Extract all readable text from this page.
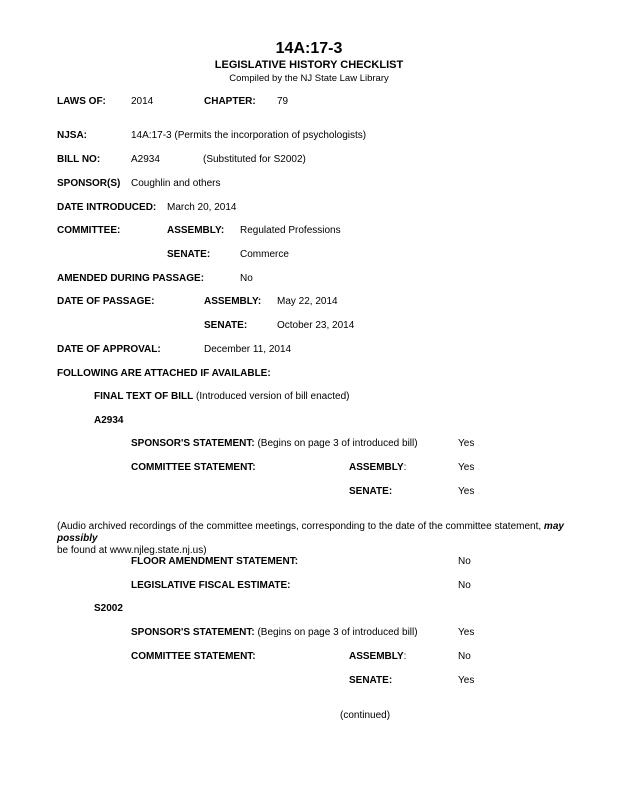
14A:17-3
LEGISLATIVE HISTORY CHECKLIST
Compiled by the NJ State Law Library
LAWS OF:	2014	CHAPTER: 79
NJSA:	14A:17-3 (Permits the incorporation of psychologists)
BILL NO:	A2934	(Substituted for S2002)
SPONSOR(S) Coughlin and others
DATE INTRODUCED: March 20, 2014
COMMITTEE:	ASSEMBLY: Regulated Professions
SENATE:	Commerce
AMENDED DURING PASSAGE:	No
DATE OF PASSAGE:	ASSEMBLY: May 22, 2014
SENATE:	October 23, 2014
DATE OF APPROVAL:	December 11, 2014
FOLLOWING ARE ATTACHED IF AVAILABLE:
FINAL TEXT OF BILL (Introduced version of bill enacted)
A2934
SPONSOR'S STATEMENT: (Begins on page 3 of introduced bill)	Yes
COMMITTEE STATEMENT:	ASSEMBLY:	Yes
SENATE:	Yes
(Audio archived recordings of the committee meetings, corresponding to the date of the committee statement, may possibly
be found at www.njleg.state.nj.us)
FLOOR AMENDMENT STATEMENT:	No
LEGISLATIVE FISCAL ESTIMATE:	No
S2002
SPONSOR'S STATEMENT: (Begins on page 3 of introduced bill)	Yes
COMMITTEE STATEMENT:	ASSEMBLY:	No
SENATE:	Yes
(continued)
